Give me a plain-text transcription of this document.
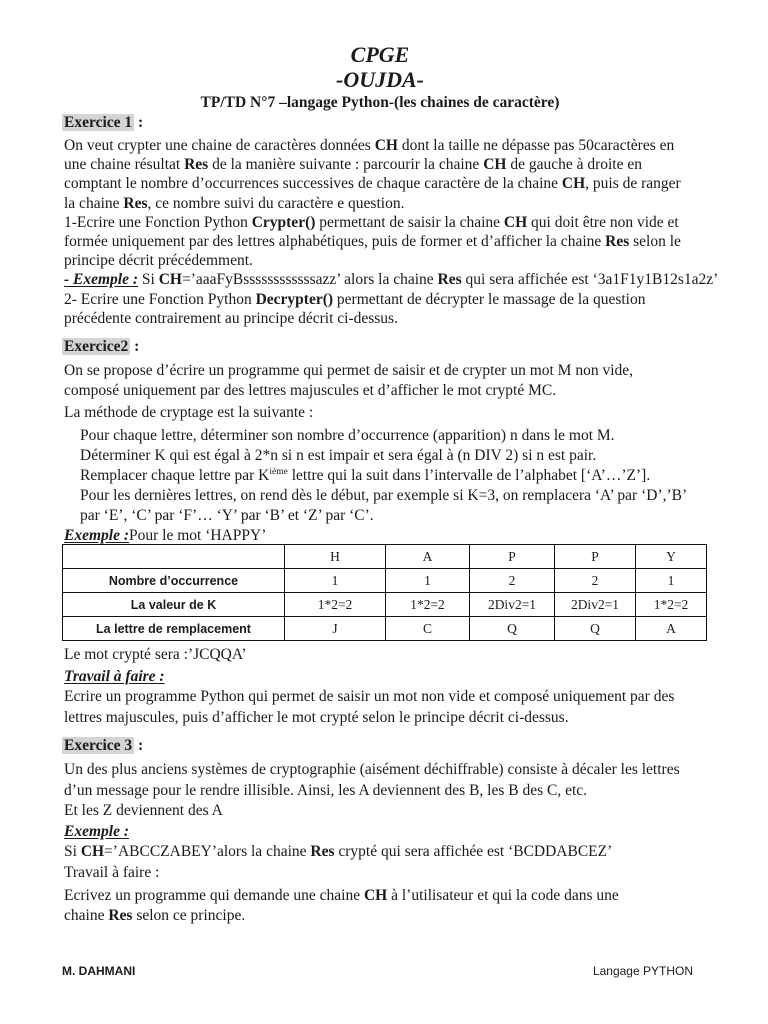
CPGE
-OUJDA-
TP/TD N°7 –langage Python-(les chaines de caractère)
Exercice 1 :
On veut crypter une chaine de caractères données CH dont la taille ne dépasse pas 50caractères en
une chaine résultat Res de la manière suivante : parcourir la chaine CH de gauche à droite en
comptant le nombre d’occurrences successives de chaque caractère de la chaine CH, puis de ranger
la chaine Res, ce nombre suivi du caractère e question.
1-Ecrire une Fonction Python Crypter() permettant de saisir la chaine CH qui doit être non vide et
formée uniquement par des lettres alphabétiques, puis de former et d’afficher la chaine Res selon le
principe décrit précédemment.
- Exemple : Si CH=’aaaFyBssssssssssssazz’ alors la chaine Res qui sera affichée est ‘3a1F1y1B12s1a2z’
2- Ecrire une Fonction Python Decrypter() permettant de décrypter le massage de la question
précédente contrairement au principe décrit ci-dessus.
Exercice2 :
On se propose d’écrire un programme qui permet de saisir et de crypter un mot M non vide,
composé uniquement par des lettres majuscules et d’afficher le mot crypté MC.
La méthode de cryptage est la suivante :
Pour chaque lettre, déterminer son nombre d’occurrence (apparition) n dans le mot M.
Déterminer K qui est égal à 2*n si n est impair et sera égal à (n DIV 2) si n est pair.
Remplacer chaque lettre par $K^{ième}$ lettre qui la suit dans l’intervalle de l’alphabet [‘A’…’Z’].
Pour les dernières lettres, on rend dès le début, par exemple si K=3, on remplacera ‘A’ par ‘D’,’B’
par ‘E’, ‘C’ par ‘F’… ‘Y’ par ‘B’ et ‘Z’ par ‘C’.
Exemple :Pour le mot ‘HAPPY’
	H	A	P	P	Y
Nombre d’occurrence	1	1	2	2	1
La valeur de K	1*2=2	1*2=2	2Div2=1	2Div2=1	1*2=2
La lettre de remplacement	J	C	Q	Q	A
Le mot crypté sera :’JCQQA’
Travail à faire :
Ecrire un programme Python qui permet de saisir un mot non vide et composé uniquement par des
lettres majuscules, puis d’afficher le mot crypté selon le principe décrit ci-dessus.
Exercice 3 :
Un des plus anciens systèmes de cryptographie (aisément déchiffrable) consiste à décaler les lettres
d’un message pour le rendre illisible. Ainsi, les A deviennent des B, les B des C, etc.
Et les Z deviennent des A
Exemple :
Si CH=’ABCCZABEY’alors la chaine Res crypté qui sera affichée est ‘BCDDABCEZ’
Travail à faire :
Ecrivez un programme qui demande une chaine CH à l’utilisateur et qui la code dans une
chaine Res selon ce principe.
M. DAHMANI	Langage PYTHON
